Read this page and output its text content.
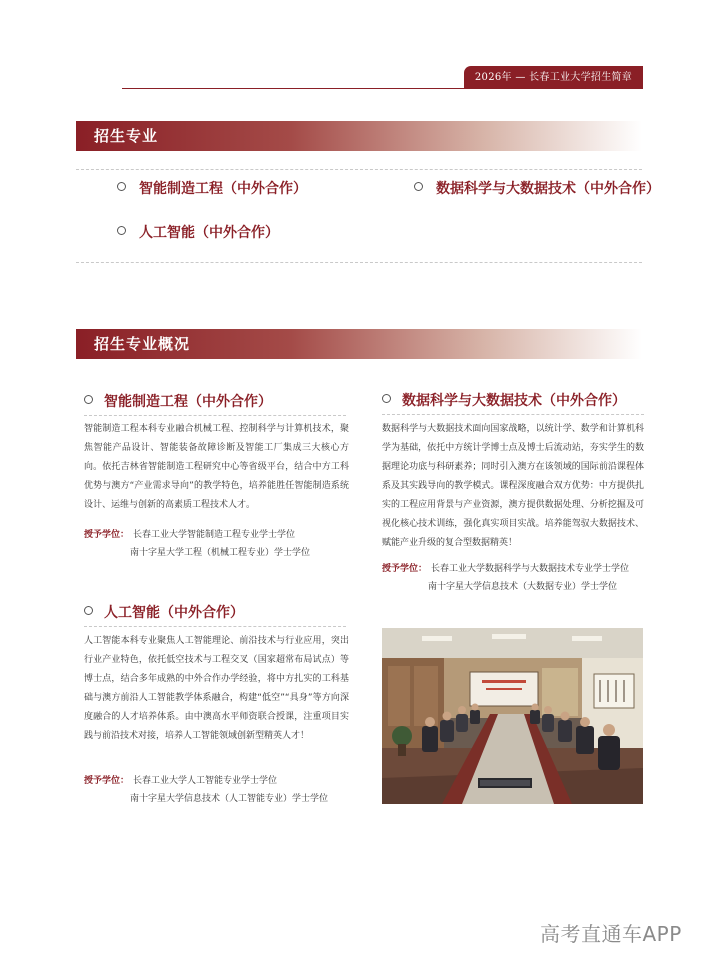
2026年 — 长春工业大学招生简章
招生专业
智能制造工程（中外合作）	数据科学与大数据技术（中外合作）
人工智能（中外合作）
招生专业概况
智能制造工程（中外合作）

智能制造工程本科专业融合机械工程、控制科学与计算机技术，聚焦智能产品设计、智能装备故障诊断及智能工厂集成三大核心方向。依托吉林省智能制造工程研究中心等省级平台，结合中方工科优势与澳方“产业需求导向”的教学特色，培养能胜任智能制造系统设计、运维与创新的高素质工程技术人才。

授予学位： 长春工业大学智能制造工程专业学士学位
南十字星大学工程（机械工程专业）学士学位
人工智能（中外合作）

人工智能本科专业聚焦人工智能理论、前沿技术与行业应用，突出行业产业特色，依托低空技术与工程交叉（国家超常布局试点）等博士点，结合多年成熟的中外合作办学经验，将中方扎实的工科基础与澳方前沿人工智能教学体系融合，构建“低空”“具身”等方向深度融合的人才培养体系。由中澳高水平师资联合授课，注重项目实践与前沿技术对接，培养人工智能领域创新型精英人才！

授予学位： 长春工业大学人工智能专业学士学位
南十字星大学信息技术（人工智能专业）学士学位
数据科学与大数据技术（中外合作）

数据科学与大数据技术面向国家战略，以统计学、数学和计算机科学为基础，依托中方统计学博士点及博士后流动站，夯实学生的数据理论功底与科研素养；同时引入澳方在该领域的国际前沿课程体系及其实践导向的教学模式。课程深度融合双方优势：中方提供扎实的工程应用背景与产业资源，澳方提供数据处理、分析挖掘及可视化核心技术训练，强化真实项目实战。培养能驾驭大数据技术、赋能产业升级的复合型数据精英！

授予学位： 长春工业大学数据科学与大数据技术专业学士学位
南十字星大学信息技术（大数据专业）学士学位
高考直通车APP
